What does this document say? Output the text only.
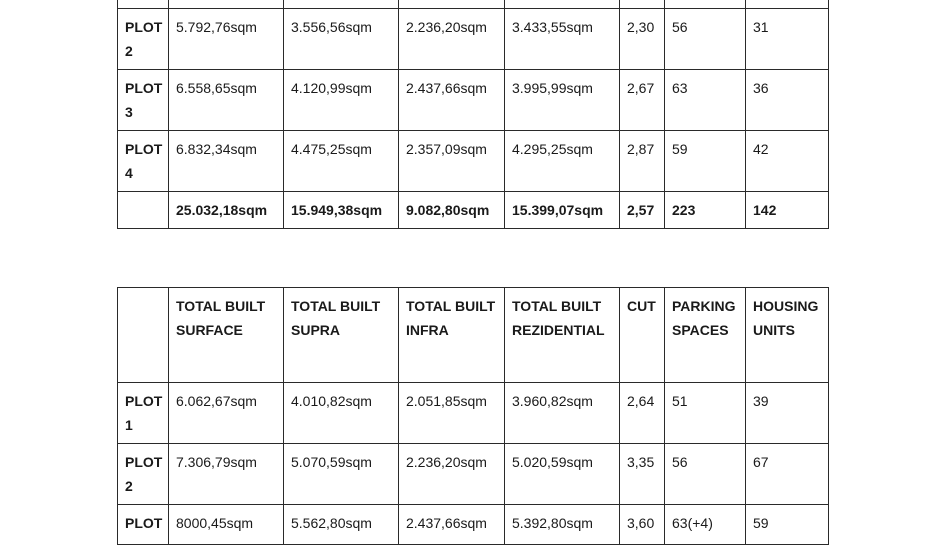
PLOT 2	5.792,76sqm	3.556,56sqm	2.236,20sqm	3.433,55sqm	2,30	56	31
PLOT 3	6.558,65sqm	4.120,99sqm	2.437,66sqm	3.995,99sqm	2,67	63	36
PLOT 4	6.832,34sqm	4.475,25sqm	2.357,09sqm	4.295,25sqm	2,87	59	42
	25.032,18sqm	15.949,38sqm	9.082,80sqm	15.399,07sqm	2,57	223	142
	TOTAL BUILT SURFACE	TOTAL BUILT SUPRA	TOTAL BUILT INFRA	TOTAL BUILT REZIDENTIAL	CUT	PARKING SPACES	HOUSING UNITS
PLOT 1	6.062,67sqm	4.010,82sqm	2.051,85sqm	3.960,82sqm	2,64	51	39
PLOT 2	7.306,79sqm	5.070,59sqm	2.236,20sqm	5.020,59sqm	3,35	56	67
PLOT	8000,45sqm	5.562,80sqm	2.437,66sqm	5.392,80sqm	3,60	63(+4)	59
